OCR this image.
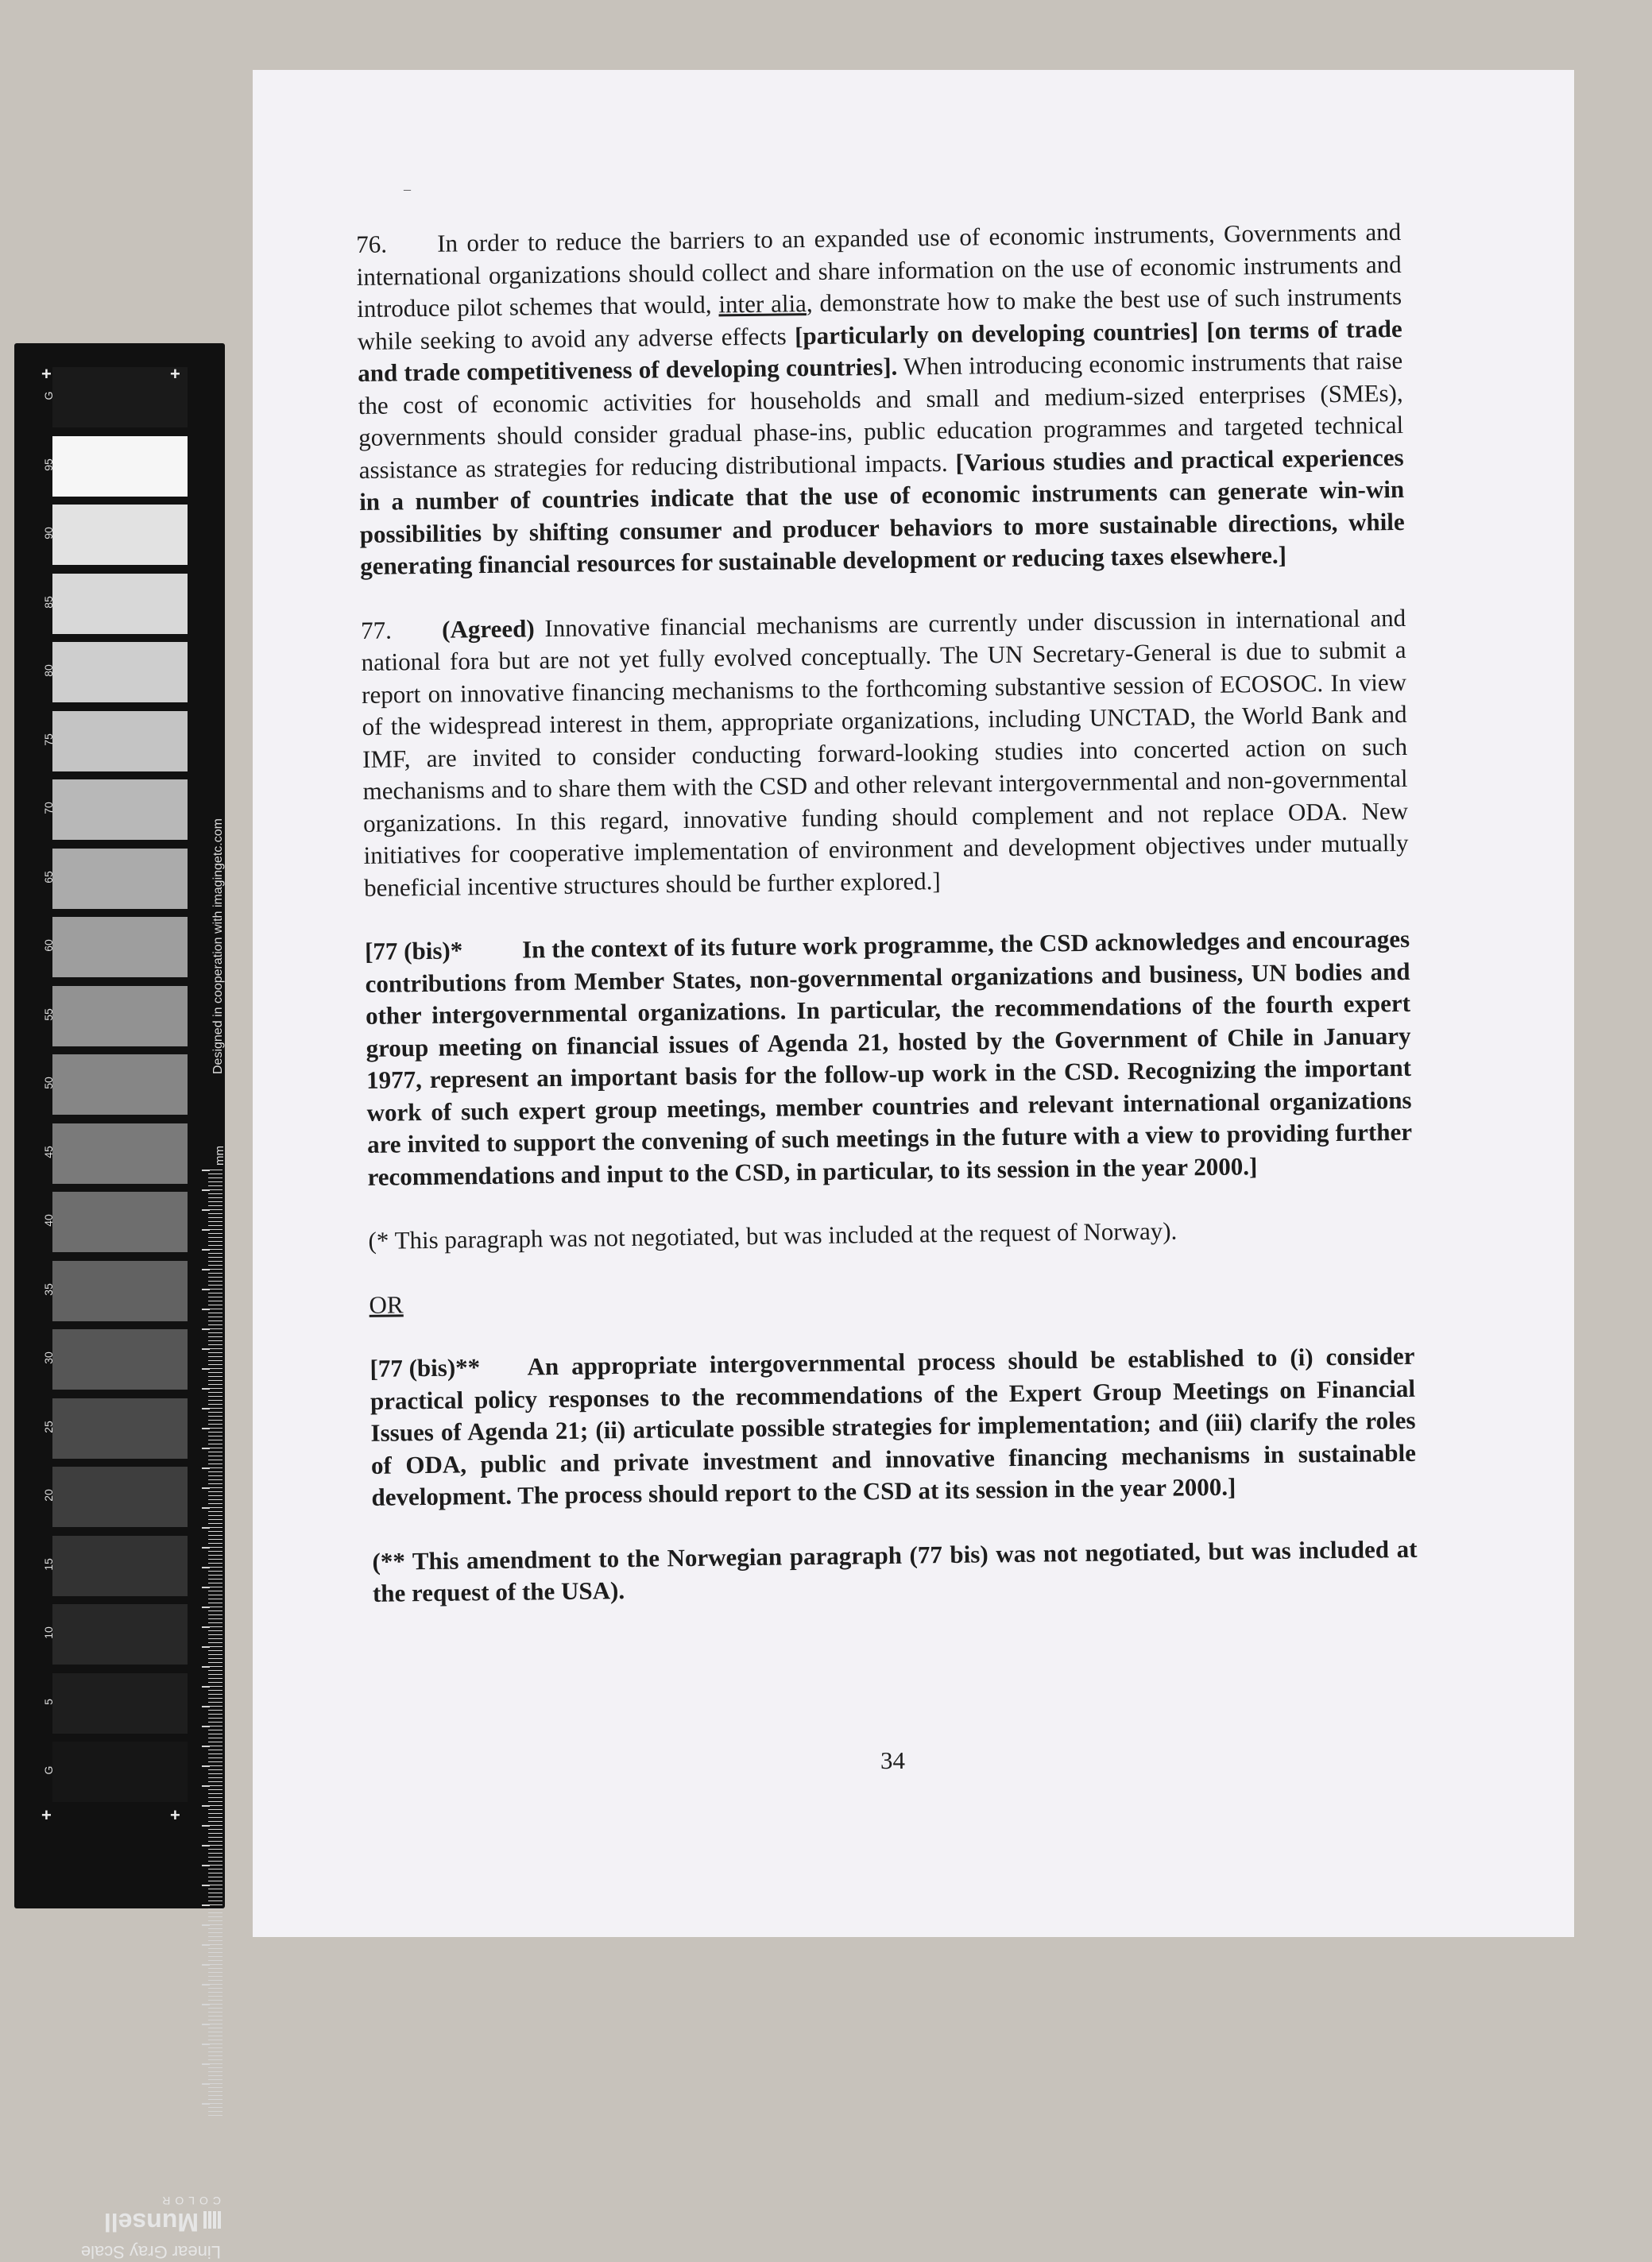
76. In order to reduce the barriers to an expanded use of economic instruments, Governments and international organizations should collect and share information on the use of economic instruments and introduce pilot schemes that would, inter alia, demonstrate how to make the best use of such instruments while seeking to avoid any adverse effects [particularly on developing countries] [on terms of trade and trade competitiveness of developing countries]. When introducing economic instruments that raise the cost of economic activities for households and small and medium-sized enterprises (SMEs), governments should consider gradual phase-ins, public education programmes and targeted technical assistance as strategies for reducing distributional impacts. [Various studies and practical experiences in a number of countries indicate that the use of economic instruments can generate win-win possibilities by shifting consumer and producer behaviors to more sustainable directions, while generating financial resources for sustainable development or reducing taxes elsewhere.]

77. (Agreed) Innovative financial mechanisms are currently under discussion in international and national fora but are not yet fully evolved conceptually. The UN Secretary-General is due to submit a report on innovative financing mechanisms to the forthcoming substantive session of ECOSOC. In view of the widespread interest in them, appropriate organizations, including UNCTAD, the World Bank and IMF, are invited to consider conducting forward-looking studies into concerted action on such mechanisms and to share them with the CSD and other relevant intergovernmental and non-governmental organizations. In this regard, innovative funding should complement and not replace ODA. New initiatives for cooperative implementation of environment and development objectives under mutually beneficial incentive structures should be further explored.]

[77 (bis)* In the context of its future work programme, the CSD acknowledges and encourages contributions from Member States, non-governmental organizations and business, UN bodies and other intergovernmental organizations. In particular, the recommendations of the fourth expert group meeting on financial issues of Agenda 21, hosted by the Government of Chile in January 1977, represent an important basis for the follow-up work in the CSD. Recognizing the important work of such expert group meetings, member countries and relevant international organizations are invited to support the convening of such meetings in the future with a view to providing further recommendations and input to the CSD, in particular, to its session in the year 2000.]

(* This paragraph was not negotiated, but was included at the request of Norway).

OR

[77 (bis)** An appropriate intergovernmental process should be established to (i) consider practical policy responses to the recommendations of the Expert Group Meetings on Financial Issues of Agenda 21; (ii) articulate possible strategies for implementation; and (iii) clarify the roles of ODA, public and private investment and innovative financing mechanisms in sustainable development. The process should report to the CSD at its session in the year 2000.]

(** This amendment to the Norwegian paragraph (77 bis) was not negotiated, but was included at the request of the USA).

34
–
G
95
90
85
80
75
70
65
60
55
50
45
40
35
30
25
20
15
10
5
G
+	+
+	+
Designed in cooperation with imagingetc.com
mm
Linear Gray Scale
Munsell
COLOR
